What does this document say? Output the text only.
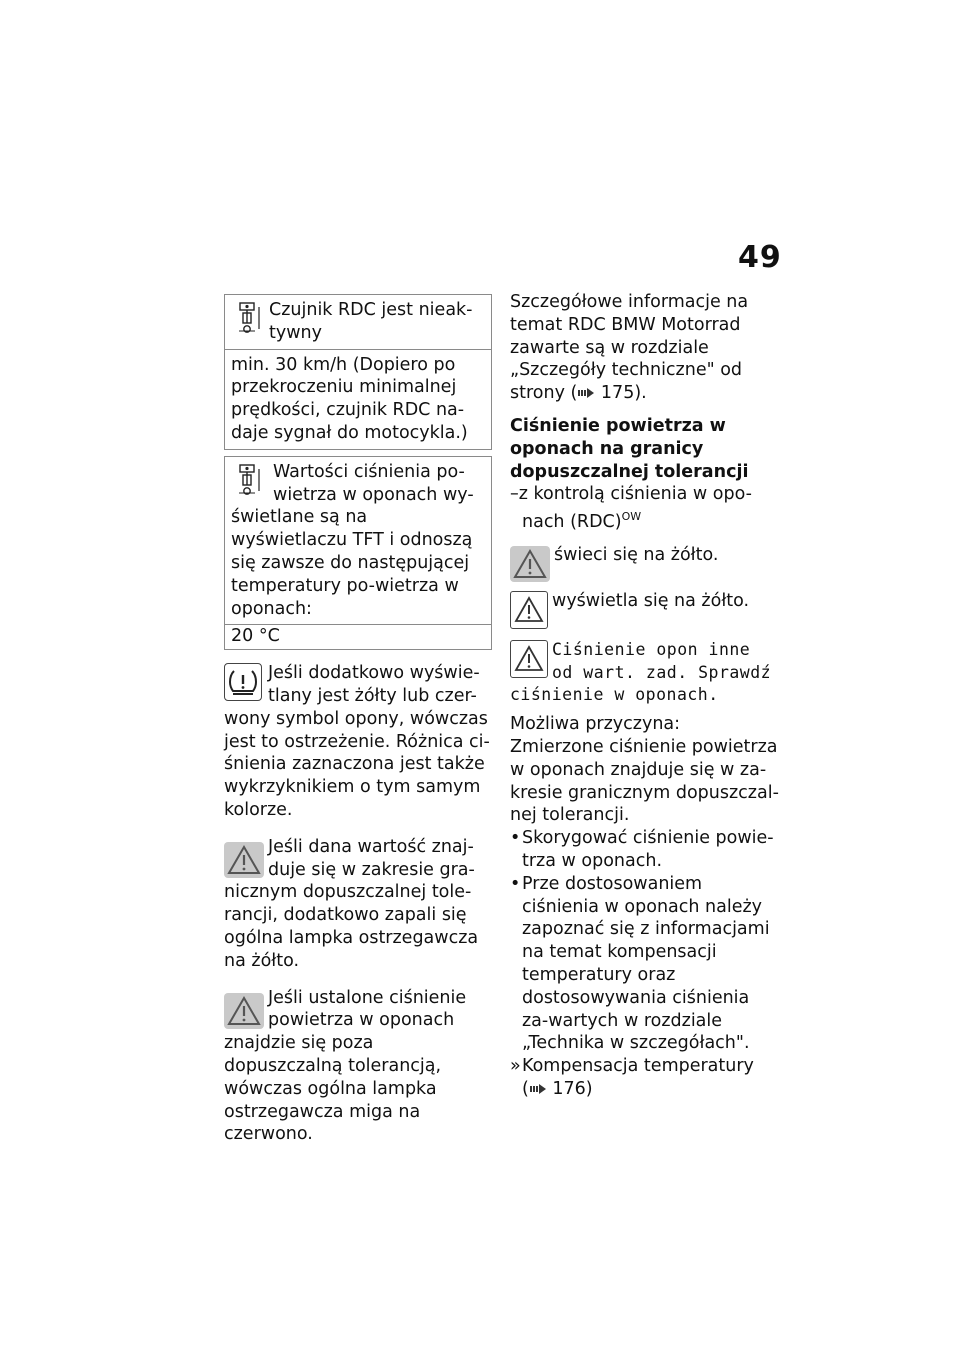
49
Czujnik RDC jest nieak-tywny
min. 30 km/h (Dopiero po przekroczeniu minimalnej prędkości, czujnik RDC na-daje sygnał do motocykla.)
Wartości ciśnienia po-wietrza w oponach wy-świetlane są na wyświetlaczu TFT i odnoszą się zawsze do następującej temperatury po-wietrza w oponach:
20 °C

Jeśli dodatkowo wyświe-tlany jest żółty lub czer-wony symbol opony, wówczas jest to ostrzeżenie. Różnica ci-śnienia zaznaczona jest także wykrzyknikiem o tym samym kolorze.

Jeśli dana wartość znaj-duje się w zakresie gra-nicznym dopuszczalnej tole-rancji, dodatkowo zapali się ogólna lampka ostrzegawcza na żółto.

Jeśli ustalone ciśnienie powietrza w oponach znajdzie się poza dopuszczalną tolerancją, wówczas ogólna lampka ostrzegawcza miga na czerwono.

Szczegółowe informacje na temat RDC BMW Motorrad zawarte są w rozdziale „Szczegóły techniczne" od strony ( 175).

Ciśnienie powietrza w oponach na granicy dopuszczalnej tolerancji

–z kontrolą ciśnienia w opo-nach (RDC)$^{OW}$

świeci się na żółto.

wyświetla się na żółto.

Ciśnienie opon inne od wart. zad. Sprawdź ciśnienie w oponach.

Możliwa przyczyna:

Zmierzone ciśnienie powietrza w oponach znajduje się w za-kresie granicznym dopuszczal-nej tolerancji.

• Skorygować ciśnienie powie-trza w oponach.
• Prze dostosowaniem ciśnienia w oponach należy zapoznać się z informacjami na temat kompensacji temperatury oraz dostosowywania ciśnienia za-wartych w rozdziale „Technika w szczegółach".
» Kompensacja temperatury
( 176)
